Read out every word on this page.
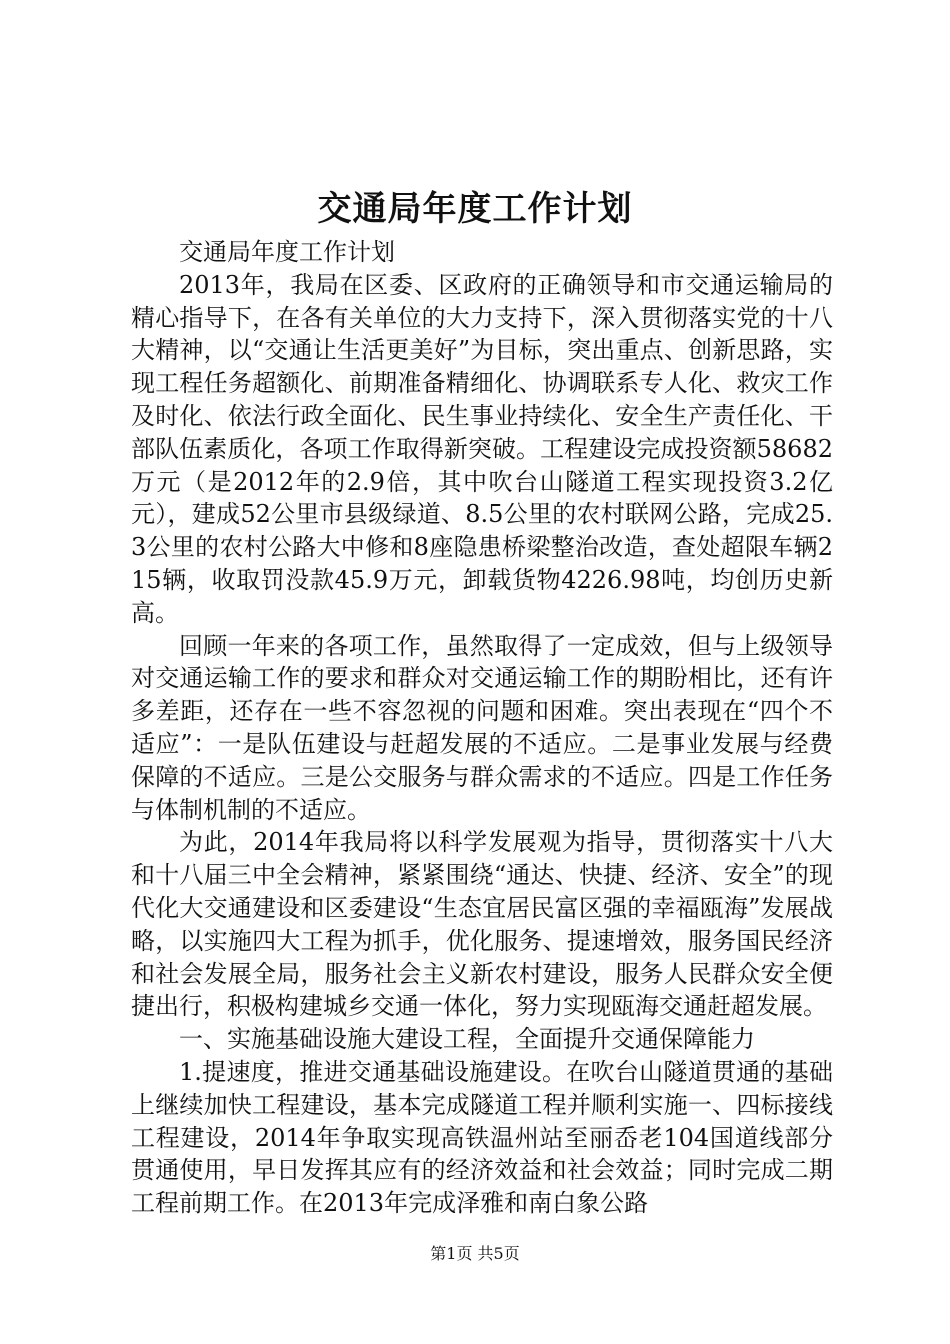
交通局年度工作计划

交通局年度工作计划

2013年，我局在区委、区政府的正确领导和市交通运输局的精心指导下，在各有关单位的大力支持下，深入贯彻落实党的十八大精神，以“交通让生活更美好”为目标，突出重点、创新思路，实现工程任务超额化、前期准备精细化、协调联系专人化、救灾工作及时化、依法行政全面化、民生事业持续化、安全生产责任化、干部队伍素质化，各项工作取得新突破。工程建设完成投资额58682万元（是2012年的2.9倍，其中吹台山隧道工程实现投资3.2亿元），建成52公里市县级绿道、8.5公里的农村联网公路，完成25.3公里的农村公路大中修和8座隐患桥梁整治改造，查处超限车辆215辆，收取罚没款45.9万元，卸载货物4226.98吨，均创历史新高。

回顾一年来的各项工作，虽然取得了一定成效，但与上级领导对交通运输工作的要求和群众对交通运输工作的期盼相比，还有许多差距，还存在一些不容忽视的问题和困难。突出表现在“四个不适应”：一是队伍建设与赶超发展的不适应。二是事业发展与经费保障的不适应。三是公交服务与群众需求的不适应。四是工作任务与体制机制的不适应。

为此，2014年我局将以科学发展观为指导，贯彻落实十八大和十八届三中全会精神，紧紧围绕“通达、快捷、经济、安全”的现代化大交通建设和区委建设“生态宜居民富区强的幸福瓯海”发展战略，以实施四大工程为抓手，优化服务、提速增效，服务国民经济和社会发展全局，服务社会主义新农村建设，服务人民群众安全便捷出行，积极构建城乡交通一体化，努力实现瓯海交通赶超发展。

一、实施基础设施大建设工程，全面提升交通保障能力

1.提速度，推进交通基础设施建设。在吹台山隧道贯通的基础上继续加快工程建设，基本完成隧道工程并顺利实施一、四标接线工程建设，2014年争取实现高铁温州站至丽岙老104国道线部分贯通使用，早日发挥其应有的经济效益和社会效益；同时完成二期工程前期工作。在2013年完成泽雅和南白象公路

第1页 共5页
